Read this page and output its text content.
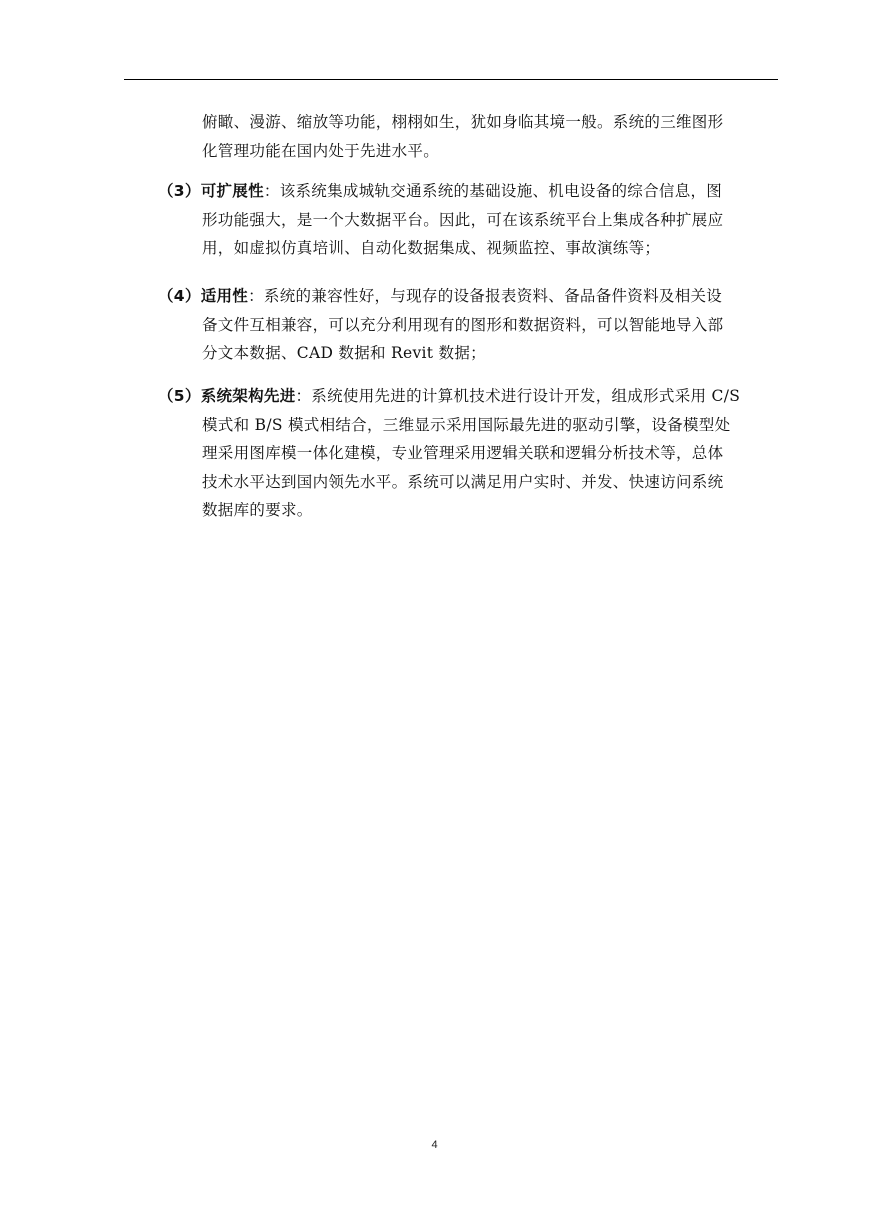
俯瞰、漫游、缩放等功能，栩栩如生，犹如身临其境一般。系统的三维图形
化管理功能在国内处于先进水平。
（3）可扩展性：该系统集成城轨交通系统的基础设施、机电设备的综合信息，图
形功能强大，是一个大数据平台。因此，可在该系统平台上集成各种扩展应
用，如虚拟仿真培训、自动化数据集成、视频监控、事故演练等；
（4）适用性：系统的兼容性好，与现存的设备报表资料、备品备件资料及相关设
备文件互相兼容，可以充分利用现有的图形和数据资料，可以智能地导入部
分文本数据、CAD 数据和 Revit 数据；
（5）系统架构先进：系统使用先进的计算机技术进行设计开发，组成形式采用 C/S
模式和 B/S 模式相结合，三维显示采用国际最先进的驱动引擎，设备模型处
理采用图库模一体化建模，专业管理采用逻辑关联和逻辑分析技术等，总体
技术水平达到国内领先水平。系统可以满足用户实时、并发、快速访问系统
数据库的要求。
4
